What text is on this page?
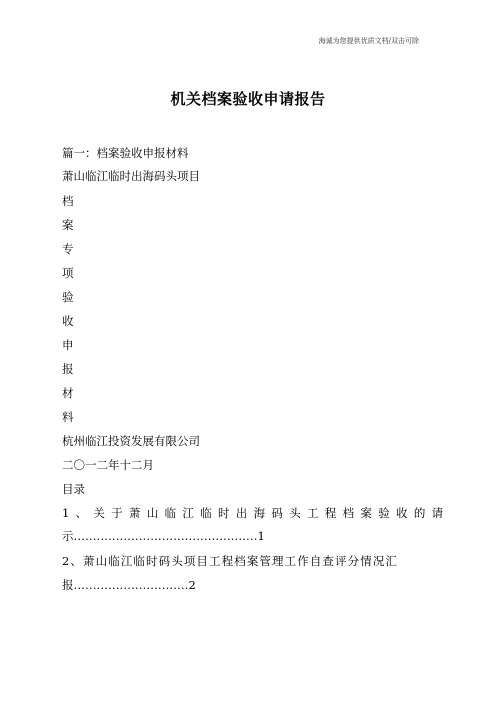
海诚为您提供优质文档/双击可除
机关档案验收申请报告
篇一：档案验收申报材料
萧山临江临时出海码头项目
档
案
专
项
验
收
申
报
材
料
杭州临江投资发展有限公司
二〇一二年十二月
目录
1、关于萧山临江临时出海码头工程档案验收的请
示…………………………………………1
2、萧山临江临时码头项目工程档案管理工作自查评分情况汇
报…………………………2
